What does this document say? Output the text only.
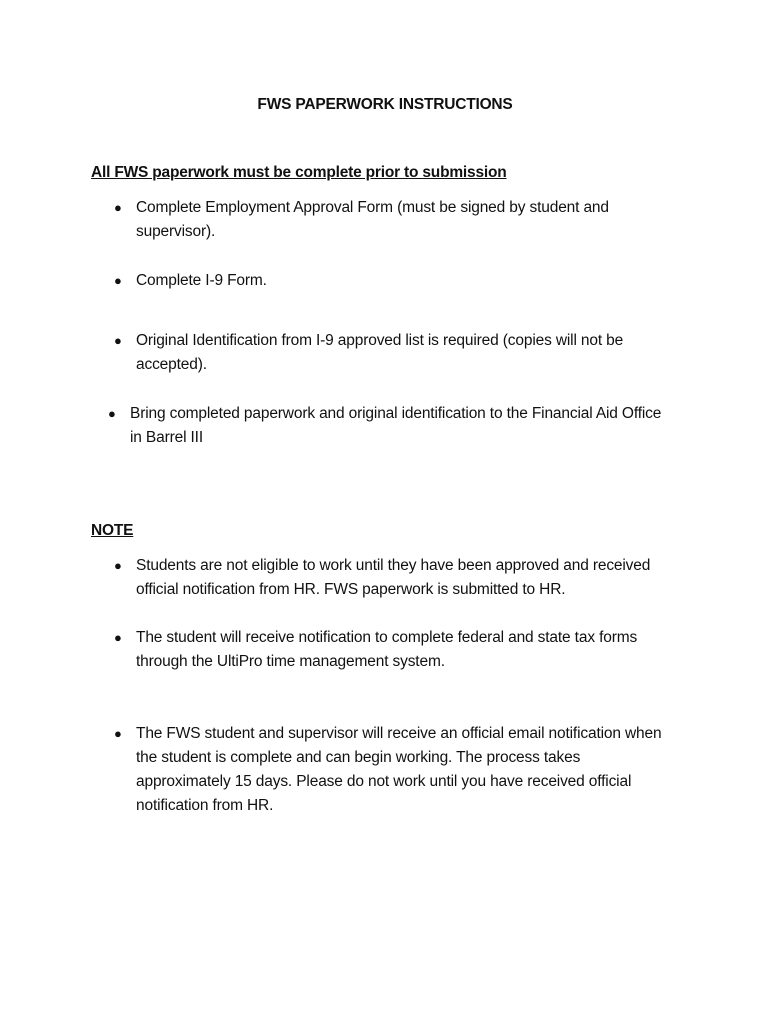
FWS PAPERWORK INSTRUCTIONS
All FWS paperwork must be complete prior to submission
● Complete Employment Approval Form (must be signed by student and supervisor).
● Complete I-9 Form.
● Original Identification from I-9 approved list is required (copies will not be accepted).
● Bring completed paperwork and original identification to the Financial Aid Office in Barrel III
NOTE
● Students are not eligible to work until they have been approved and received official notification from HR. FWS paperwork is submitted to HR.
● The student will receive notification to complete federal and state tax forms through the UltiPro time management system.
● The FWS student and supervisor will receive an official email notification when the student is complete and can begin working. The process takes approximately 15 days. Please do not work until you have received official notification from HR.
